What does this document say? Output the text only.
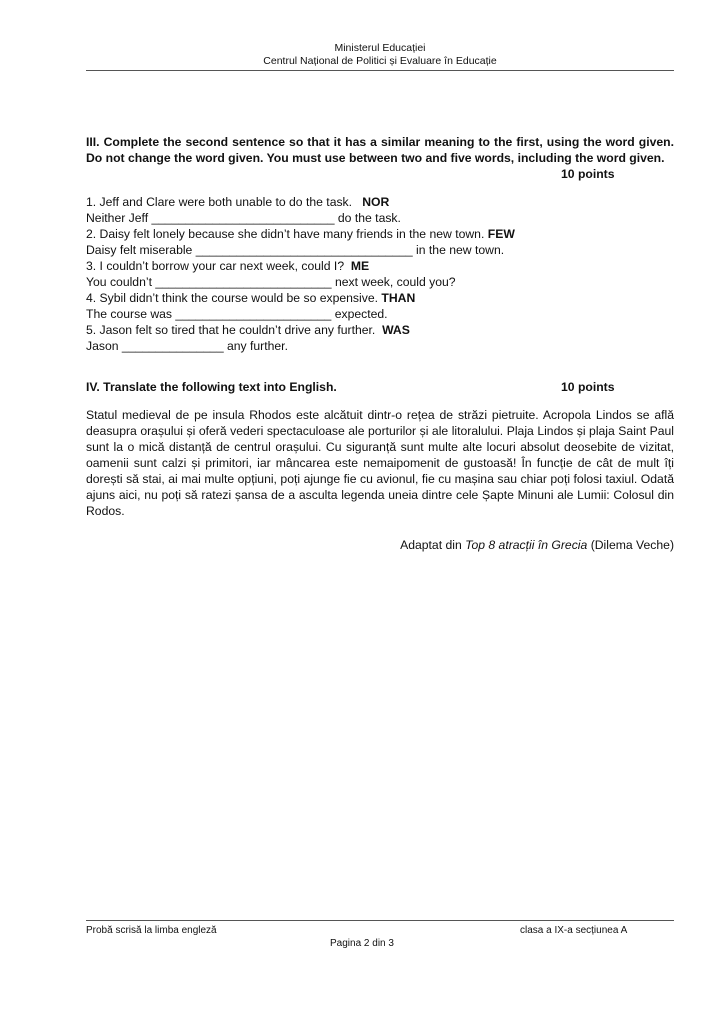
Ministerul Educației
Centrul Național de Politici și Evaluare în Educație
III. Complete the second sentence so that it has a similar meaning to the first, using the word given. Do not change the word given. You must use between two and five words, including the word given.
10 points
1. Jeff and Clare were both unable to do the task. NOR
Neither Jeff ___________________________ do the task.
2. Daisy felt lonely because she didn’t have many friends in the new town. FEW
Daisy felt miserable ________________________________ in the new town.
3. I couldn’t borrow your car next week, could I? ME
You couldn’t __________________________ next week, could you?
4. Sybil didn’t think the course would be so expensive. THAN
The course was _______________________ expected.
5. Jason felt so tired that he couldn’t drive any further. WAS
Jason _______________ any further.
IV. Translate the following text into English.	10 points
Statul medieval de pe insula Rhodos este alcătuit dintr-o rețea de străzi pietruite. Acropola Lindos se află deasupra orașului și oferă vederi spectaculoase ale porturilor și ale litoralului. Plaja Lindos și plaja Saint Paul sunt la o mică distanță de centrul orașului. Cu siguranță sunt multe alte locuri absolut deosebite de vizitat, oamenii sunt calzi și primitori, iar mâncarea este nemaipomenit de gustoasă! În funcție de cât de mult îți dorești să stai, ai mai multe opțiuni, poți ajunge fie cu avionul, fie cu mașina sau chiar poți folosi taxiul. Odată ajuns aici, nu poți să ratezi șansa de a asculta legenda uneia dintre cele Șapte Minuni ale Lumii: Colosul din Rodos.
Adaptat din Top 8 atracții în Grecia (Dilema Veche)
Probă scrisă la limba engleză	clasa a IX-a secțiunea A
Pagina 2 din 3
